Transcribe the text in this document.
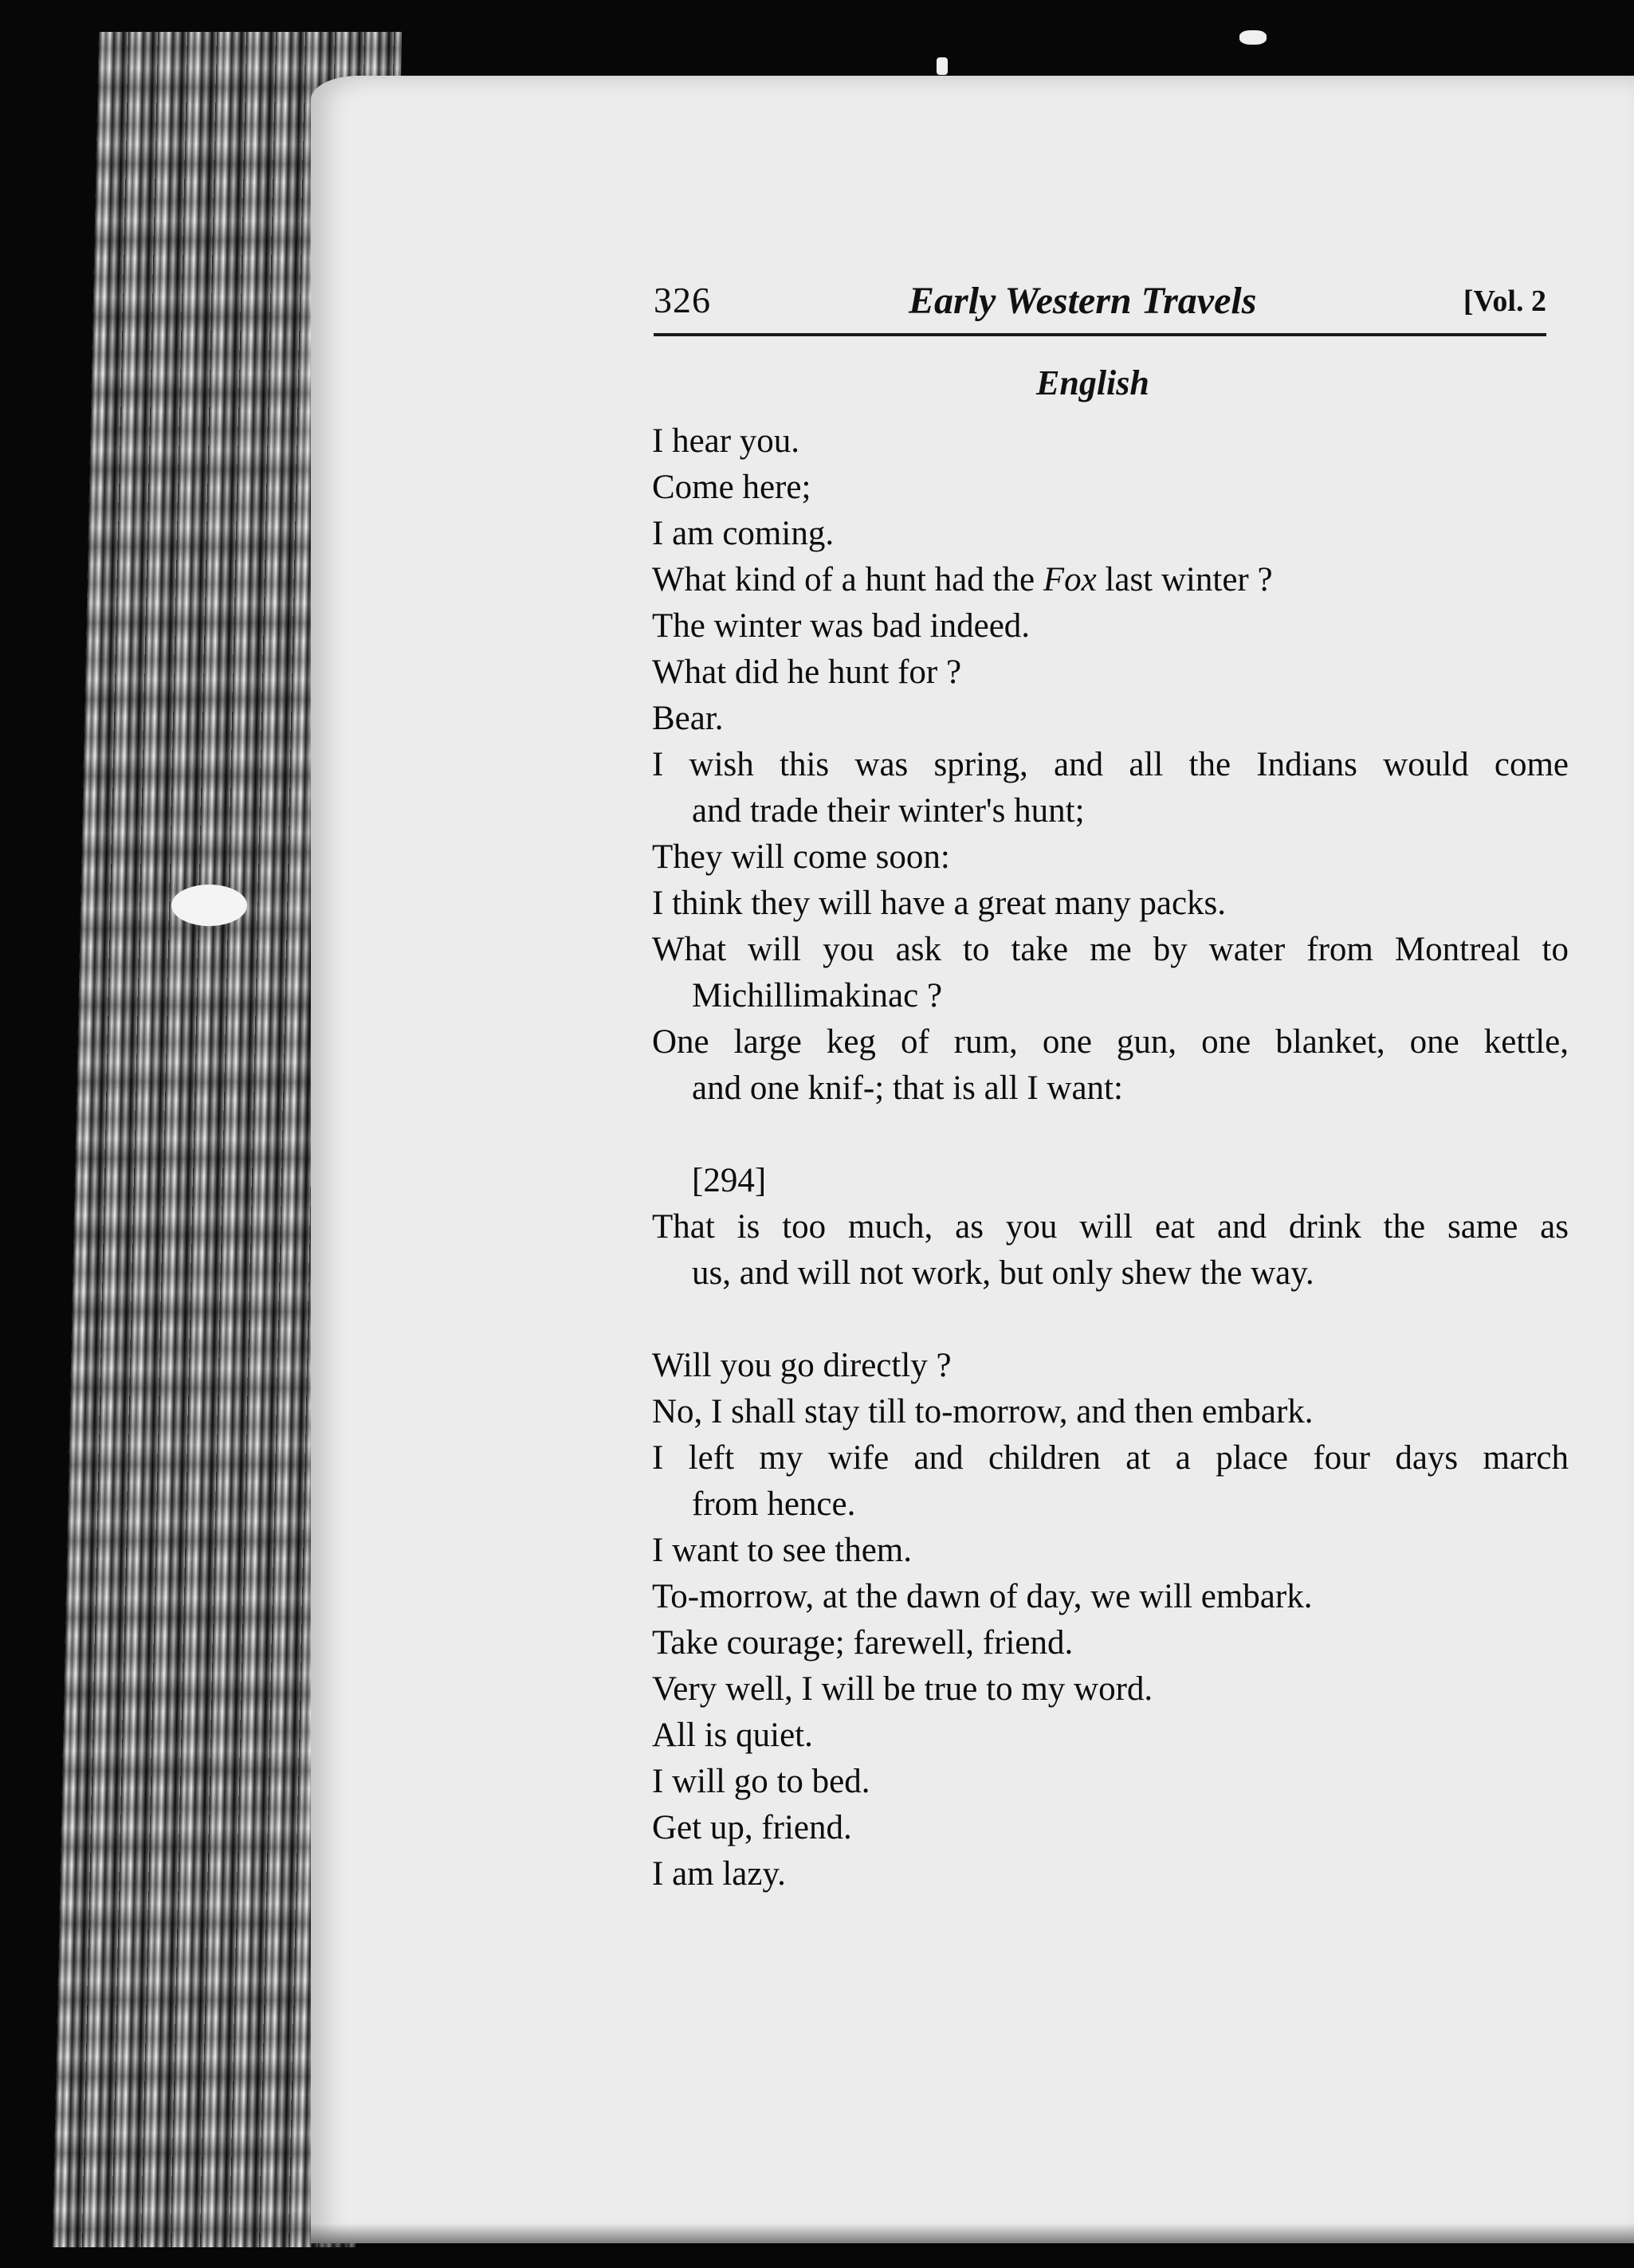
326	Early Western Travels	[Vol. 2
English
I hear you.
Come here;
I am coming.
What kind of a hunt had the Fox last winter ?
The winter was bad indeed.
What did he hunt for ?
Bear.
I wish this was spring, and all the Indians would come
and trade their winter's hunt;
They will come soon:
I think they will have a great many packs.
What will you ask to take me by water from Montreal to
Michillimakinac ?
One large keg of rum, one gun, one blanket, one kettle,
and one knif‐; that is all I want:
[294]
That is too much, as you will eat and drink the same as
us, and will not work, but only shew the way.
Will you go directly ?
No, I shall stay till to-morrow, and then embark.
I left my wife and children at a place four days march
from hence.
I want to see them.
To-morrow, at the dawn of day, we will embark.
Take courage; farewell, friend.
Very well, I will be true to my word.
All is quiet.
I will go to bed.
Get up, friend.
I am lazy.
